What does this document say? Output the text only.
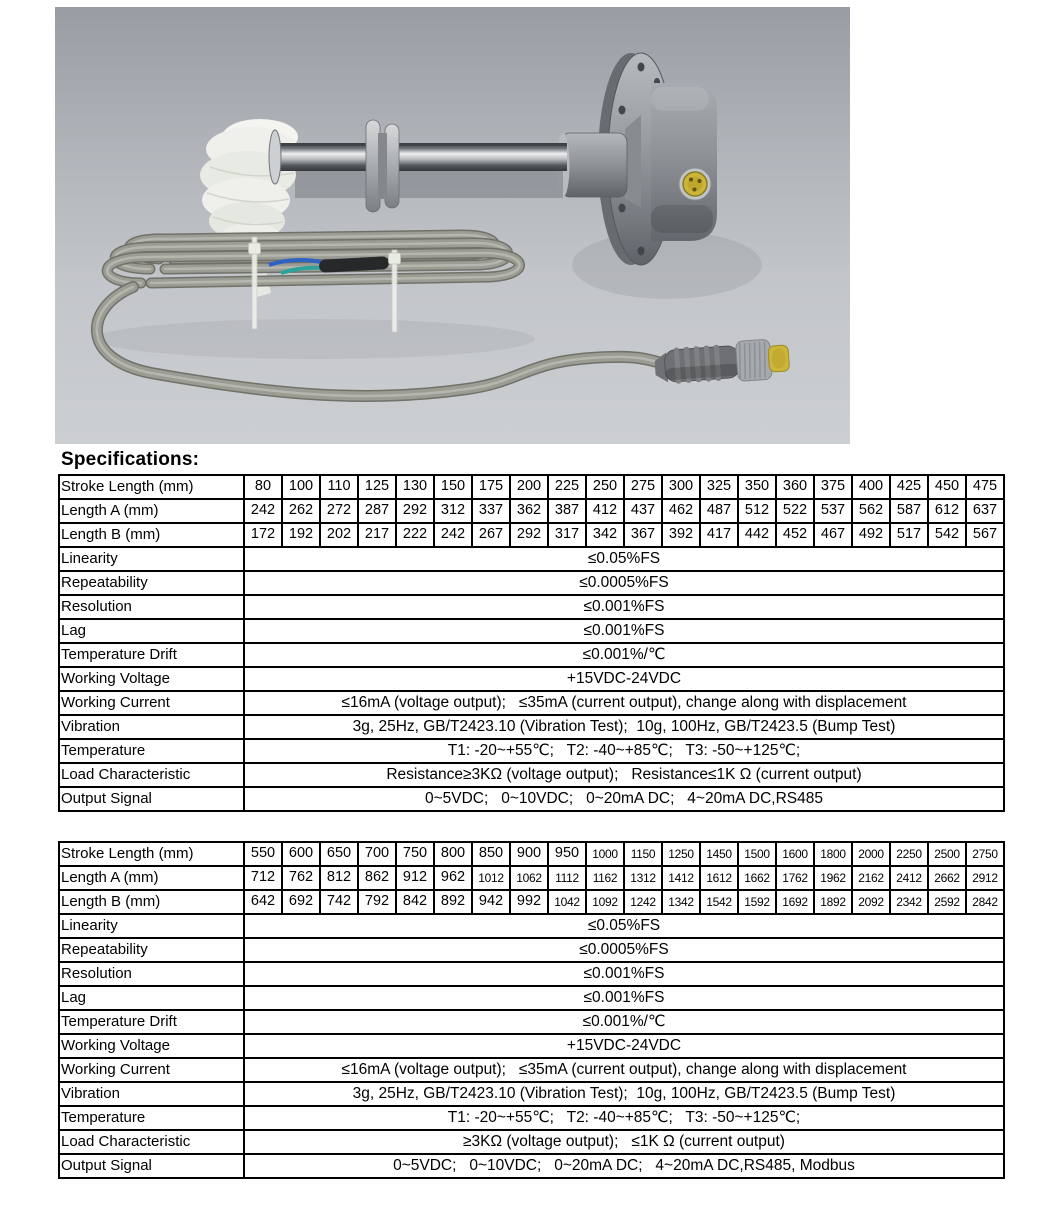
Specifications:
Stroke Length (mm)	80	100	110	125	130	150	175	200	225	250	275	300	325	350	360	375	400	425	450	475
Length A (mm)	242	262	272	287	292	312	337	362	387	412	437	462	487	512	522	537	562	587	612	637
Length B (mm)	172	192	202	217	222	242	267	292	317	342	367	392	417	442	452	467	492	517	542	567
Linearity	≤0.05%FS																			
Repeatability	≤0.0005%FS																			
Resolution	≤0.001%FS																			
Lag	≤0.001%FS																			
Temperature Drift	≤0.001%/℃																			
Working Voltage	+15VDC-24VDC																			
Working Current	≤16mA (voltage output);   ≤35mA (current output), change along with displacement																			
Vibration	3g, 25Hz, GB/T2423.10 (Vibration Test);  10g, 100Hz, GB/T2423.5 (Bump Test)																			
Temperature	T1: -20~+55℃;   T2: -40~+85℃;   T3: -50~+125℃;																			
Load Characteristic	Resistance≥3KΩ (voltage output);   Resistance≤1K Ω (current output)																			
Output Signal	0~5VDC;   0~10VDC;   0~20mA DC;   4~20mA DC,RS485																			
Stroke Length (mm)	550	600	650	700	750	800	850	900	950	1000	1150	1250	1450	1500	1600	1800	2000	2250	2500	2750
Length A (mm)	712	762	812	862	912	962	1012	1062	1112	1162	1312	1412	1612	1662	1762	1962	2162	2412	2662	2912
Length B (mm)	642	692	742	792	842	892	942	992	1042	1092	1242	1342	1542	1592	1692	1892	2092	2342	2592	2842
Linearity	≤0.05%FS																			
Repeatability	≤0.0005%FS																			
Resolution	≤0.001%FS																			
Lag	≤0.001%FS																			
Temperature Drift	≤0.001%/℃																			
Working Voltage	+15VDC-24VDC																			
Working Current	≤16mA (voltage output);   ≤35mA (current output), change along with displacement																			
Vibration	3g, 25Hz, GB/T2423.10 (Vibration Test);  10g, 100Hz, GB/T2423.5 (Bump Test)																			
Temperature	T1: -20~+55℃;   T2: -40~+85℃;   T3: -50~+125℃;																			
Load Characteristic	≥3KΩ (voltage output);   ≤1K Ω (current output)																			
Output Signal	0~5VDC;   0~10VDC;   0~20mA DC;   4~20mA DC,RS485, Modbus																			
